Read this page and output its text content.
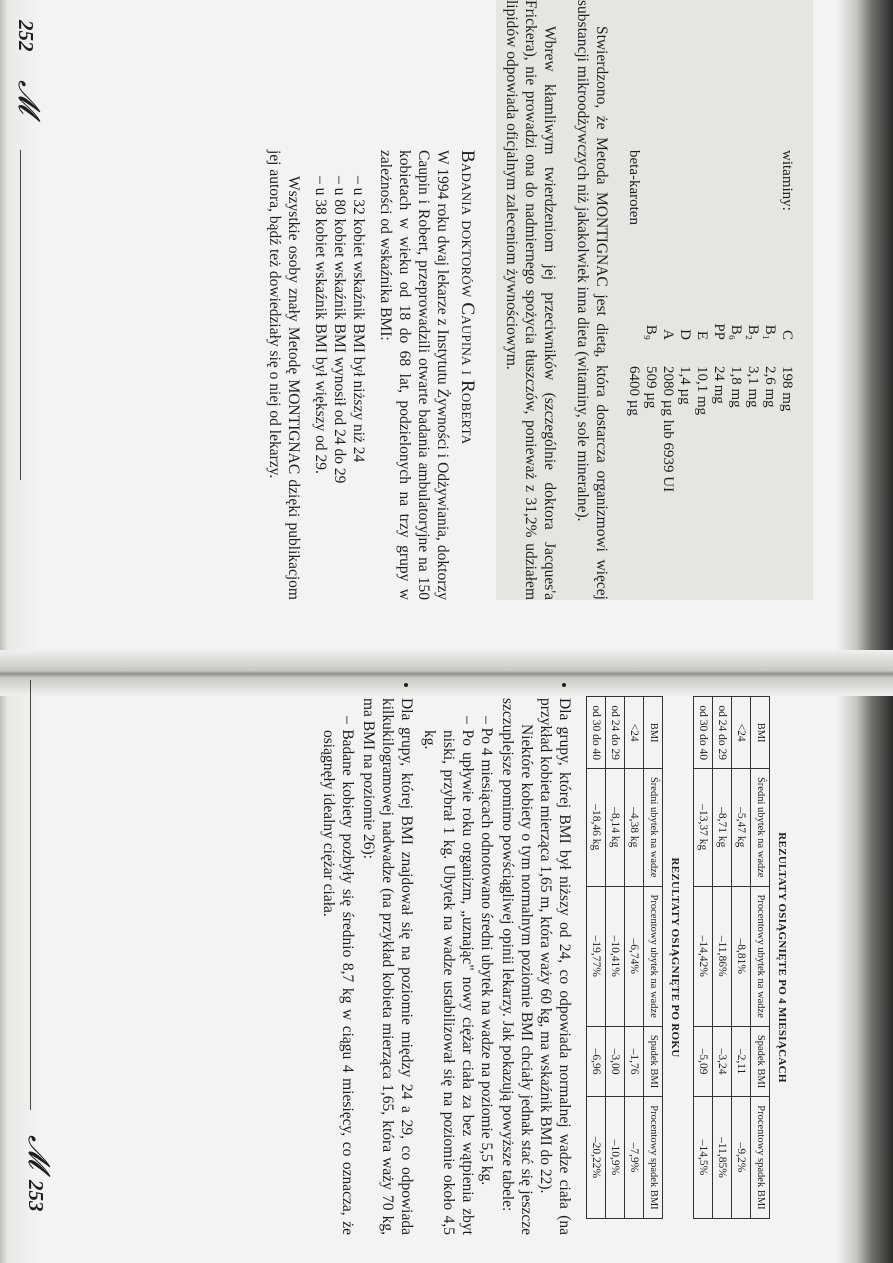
witaminy:	C	198 mg
	B₁	2,6 mg
	B₂	3,1 mg
	B₆	1,8 mg
	PP	24 mg
	E	10,1 mg
	D	1,4 µg
	A	2080 µg lub 6939 UI
	B₉	509 µg
beta-karoten		6400 µg

Stwierdzono, że Metoda MONTIGNAC jest dietą, która dostarcza organizmowi więcej substancji mikroodżywczych niż jakakolwiek inna dieta (witaminy, sole mineralne).

Wbrew kłamliwym twierdzeniom jej przeciwników (szczególnie doktora Jacques'a Frickera), nie prowadzi ona do nadmiernego spożycia tłuszczów, ponieważ z 31,2% udziałem lipidów odpowiada oficjalnym zaleceniom żywnościowym.

Badania doktorów Caupina i Roberta

W 1994 roku dwaj lekarze z Instytutu Żywności i Odżywiania, doktorzy Caupin i Robert, przeprowadzili otwarte badania ambulatoryjne na 150 kobietach w wieku od 18 do 68 lat, podzielonych na trzy grupy w zależności od wskaźnika BMI:

– u 32 kobiet wskaźnik BMI był niższy niż 24
– u 80 kobiet wskaźnik BMI wynosił od 24 do 29
– u 38 kobiet wskaźnik BMI był większy od 29.

Wszystkie osoby znały Metodę MONTIGNAC dzięki publikacjom jej autora, bądź też dowiedziały się o niej od lekarzy.

252
𝓜
REZULTATY OSIĄGNIĘTE PO 4 MIESIĄCACH
BMI	Średni ubytek na wadze	Procentowy ubytek na wadze	Spadek BMI	Procentowy spadek BMI
<24	–5,47 kg	–8,81%	–2,11	–9,2%
od 24 do 29	–8,71 kg	–11,86%	–3,24	–11,85%
od 30 do 40	–13,37 kg	–14,42%	–5,09	–14,5%
REZULTATY OSIĄGNIĘTE PO ROKU
BMI	Średni ubytek na wadze	Procentowy ubytek na wadze	Spadek BMI	Procentowy spadek BMI
<24	–4,38 kg	–6,74%	–1,76	–7,9%
od 24 do 29	–8,14 kg	–10,41%	–3,00	–10,9%
od 30 do 40	–18,46 kg	–19,77%	–6,96	–20,22%
• Dla grupy, której BMI był niższy od 24, co odpowiada normalnej wadze ciała (na przykład kobieta mierząca 1,65 m, która waży 60 kg, ma wskaźnik BMI do 22).

Niektóre kobiety o tym normalnym poziomie BMI chciały jednak stać się jeszcze szczuplejsze pomimo powściągliwej opinii lekarzy. Jak pokazują powyższe tabele:

– Po 4 miesiącach odnotowano średni ubytek na wadze na poziomie 5,5 kg.
– Po upływie roku organizm, „uznając" nowy ciężar ciała za bez wątpienia zbyt niski, przybrał 1 kg. Ubytek na wadze ustabilizował się na poziomie około 4,5 kg.
• Dla grupy, której BMI znajdował się na poziomie między 24 a 29, co odpowiada kilkukilogramowej nadwadze (na przykład kobieta mierząca 1,65, która waży 70 kg, ma BMI na poziomie 26):
– Badane kobiety pozbyły się średnio 8,7 kg w ciągu 4 miesięcy, co oznacza, że osiągnęły idealny ciężar ciała.
𝓜
253
